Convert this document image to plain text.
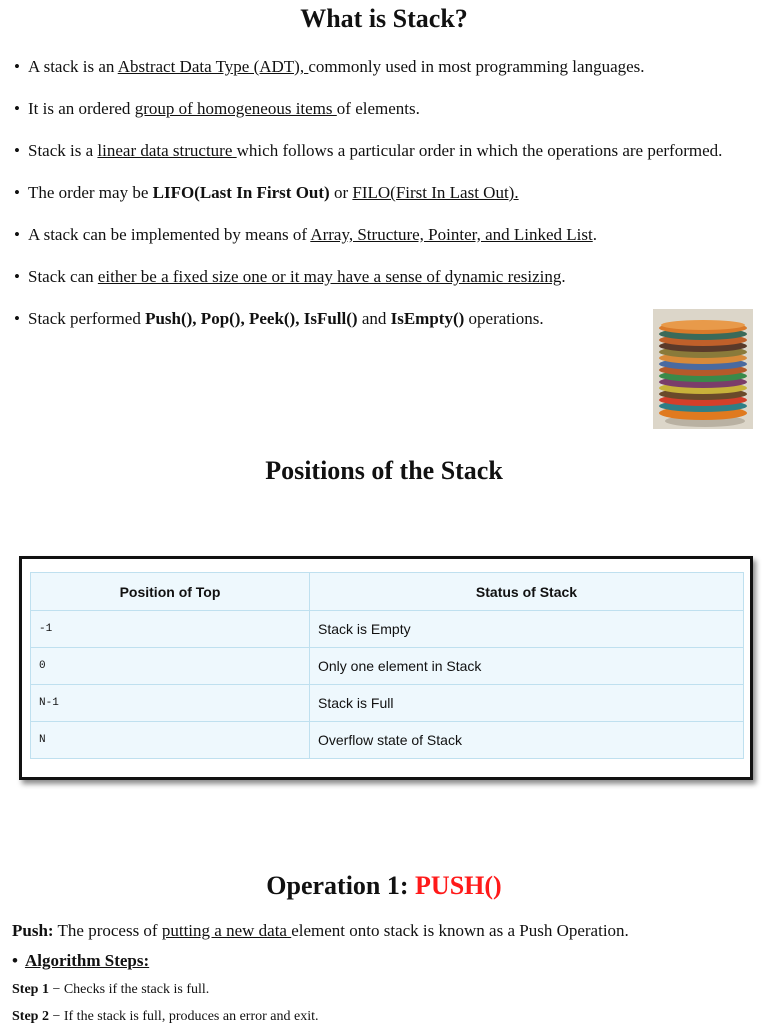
What is Stack?
• A stack is an Abstract Data Type (ADT), commonly used in most programming languages.
• It is an ordered group of homogeneous items of elements.
• Stack is a linear data structure which follows a particular order in which the operations are performed.
• The order may be LIFO(Last In First Out) or FILO(First In Last Out).
• A stack can be implemented by means of Array, Structure, Pointer, and Linked List.
• Stack can either be a fixed size one or it may have a sense of dynamic resizing.
• Stack performed Push(), Pop(), Peek(), IsFull() and IsEmpty() operations.
Positions of the Stack
Position of Top	Status of Stack
-1	Stack is Empty
0	Only one element in Stack
N-1	Stack is Full
N	Overflow state of Stack
Operation 1: PUSH()
Push: The process of putting a new data element onto stack is known as a Push Operation.
• Algorithm Steps:
Step 1 − Checks if the stack is full.
Step 2 − If the stack is full, produces an error and exit.
